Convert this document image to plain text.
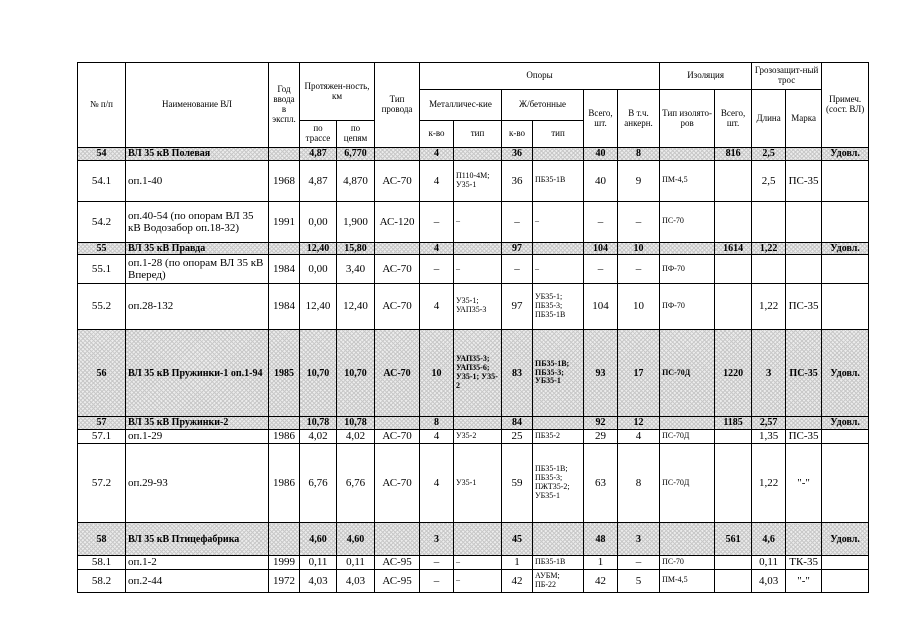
№ п/п	Наименование ВЛ	Год ввода в экспл.	Протяжен-ность, км		Тип провода	Опоры						Изоляция		Грозозащит-ный трос		Примеч. (сост. ВЛ)
						Металличес-кие		Ж/бетонные		Всего, шт.	В т.ч. анкерн.	Тип изолято-ров	Всего, шт.	Длина	Марка	
			по трассе	по цепям		к-во	тип	к-во	тип							
54	ВЛ 35 кВ Полевая		4,87	6,770		4		36		40	8		816	2,5		Удовл.
54.1	оп.1-40	1968	4,87	4,870	АС-70	4	П110-4М; У35-1	36	ПБ35-1В	40	9	ПМ-4,5		2,5	ПС-35	
54.2	оп.40-54 (по опорам ВЛ 35 кВ Водозабор оп.18-32)	1991	0,00	1,900	АС-120	–	–	–	–	–	–	ПС-70				
55	ВЛ 35 кВ Правда		12,40	15,80		4		97		104	10		1614	1,22		Удовл.
55.1	оп.1-28 (по опорам ВЛ 35 кВ Вперед)	1984	0,00	3,40	АС-70	–	–	–	–	–	–	ПФ-70				
55.2	оп.28-132	1984	12,40	12,40	АС-70	4	У35-1; УАП35-3	97	УБ35-1; ПБ35-3; ПБ35-1В	104	10	ПФ-70		1,22	ПС-35	
56	ВЛ 35 кВ Пружинки-1 оп.1-94	1985	10,70	10,70	АС-70	10	УАП35-3; УАП35-6; У35-1; У35-2	83	ПБ35-1В; ПБ35-3; УБ35-1	93	17	ПС-70Д	1220	3	ПС-35	Удовл.
57	ВЛ 35 кВ Пружинки-2		10,78	10,78		8		84		92	12		1185	2,57		Удовл.
57.1	оп.1-29	1986	4,02	4,02	АС-70	4	У35-2	25	ПБ35-2	29	4	ПС-70Д		1,35	ПС-35	
57.2	оп.29-93	1986	6,76	6,76	АС-70	4	У35-1	59	ПБ35-1В; ПБ35-3; ПЖТ35-2; УБ35-1	63	8	ПС-70Д		1,22	"-"	
58	ВЛ 35 кВ Птицефабрика		4,60	4,60		3		45		48	3		561	4,6		Удовл.
58.1	оп.1-2	1999	0,11	0,11	АС-95	–	–	1	ПБ35-1В	1	–	ПС-70		0,11	ТК-35	
58.2	оп.2-44	1972	4,03	4,03	АС-95	–	–	42	АУБМ; ПБ-22	42	5	ПМ-4,5		4,03	"-"	
